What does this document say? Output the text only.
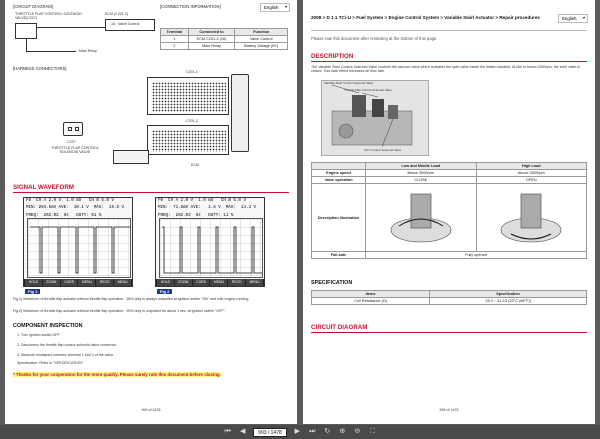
[CIRCUIT DIAGRAM]	[CONNECTION INFORMATION]	English ▾
THROTTLE FLAP CONTROL SOLENOID VALVE(C227)
ECM (C201-2)
16 : Valve Control
Main Relay
Terminal	Connected to	Function
1	ECM C201-2 (16)	Valve Control
2	Main Relay	Battery Voltage (B+)
[HARNESS CONNECTORS]
C201-1
C201-2
ECM
C227
THROTTLE FLAP CONTROL SOLENOID VALVE
SIGNAL WAVEFORM
F0  CH A 2.0 V  1.0 mS   CH B 5.0 V
MIN: 204.5mV AVE:  10.1 V  MAX:  15.5 V
FREQ:  202.02  Hz   DUTY: 61 %
HOLD	ZOOM	CURS	MENU	RECD	MENU
Fig 1
F0  CH A 2.0 V  1.0 mS   CH B 5.0 V
MIN:  71.5mV AVE:   1.6 V  MAX:  14.3 V
FREQ:  202.03  Hz   DUTY: 11 %
HOLD	ZOOM	CURS	MENU	RECD	MENU
Fig 2
Fig.1) Waveform of throttle flap actuator without throttle flap operation : 38% duty is always outputted at ignition switch "ON" and with engine running.
Fig.2) Waveform of throttle flap actuator without throttle flap operation : 90% duty is outputted for about 1 sec. at ignition switch "OFF".
COMPONENT INSPECTION
1. Turn ignition switch OFF.
2. Disconnect the throttle flap control solenoid valve connector.
3. Measure resistance between terminal 1 and 2 of the valve.
Specification: Refer to "SPECIFICATION".
* Thanks for your cooperation for the more quality. Please surely rate this document before closing.
993 of 1478
2008 > D 1.1 TCi-U > Fuel System > Engine Control System > Variable Swirl Actuator > Repair procedures	English ▾
Please rate this document after reviewing at the bottom of this page.
DESCRIPTION
The Variable Swirl Control Solenoid Valve controls the vacuum valve which activates the swirl valve inside the intake manifold. At idle or below 3000rpm, the swirl valve is closed. This swirl effect increases air flow rate.
Variable Swirl Control Solenoid Valve
Throttle Flap Control Solenoid Valve
VGT Control Solenoid Valve
	Low and Middle Load	High Load
Engine speed	Below 3000rpm	Above 3000rpm
Valve operation	CLOSE	OPEN
Description illustration		
Fail-safe	Fully opened	
SPECIFICATION
Items	Specification
Coil Resistance (Ω)	28.3 ~ 31.1Ω [20°C (68°F)]
CIRCUIT DIAGRAM
994 of 1478
⏮ ◀	993 / 1478	▶ ⏭ ↻ ⊕ ⊖ ⛶
